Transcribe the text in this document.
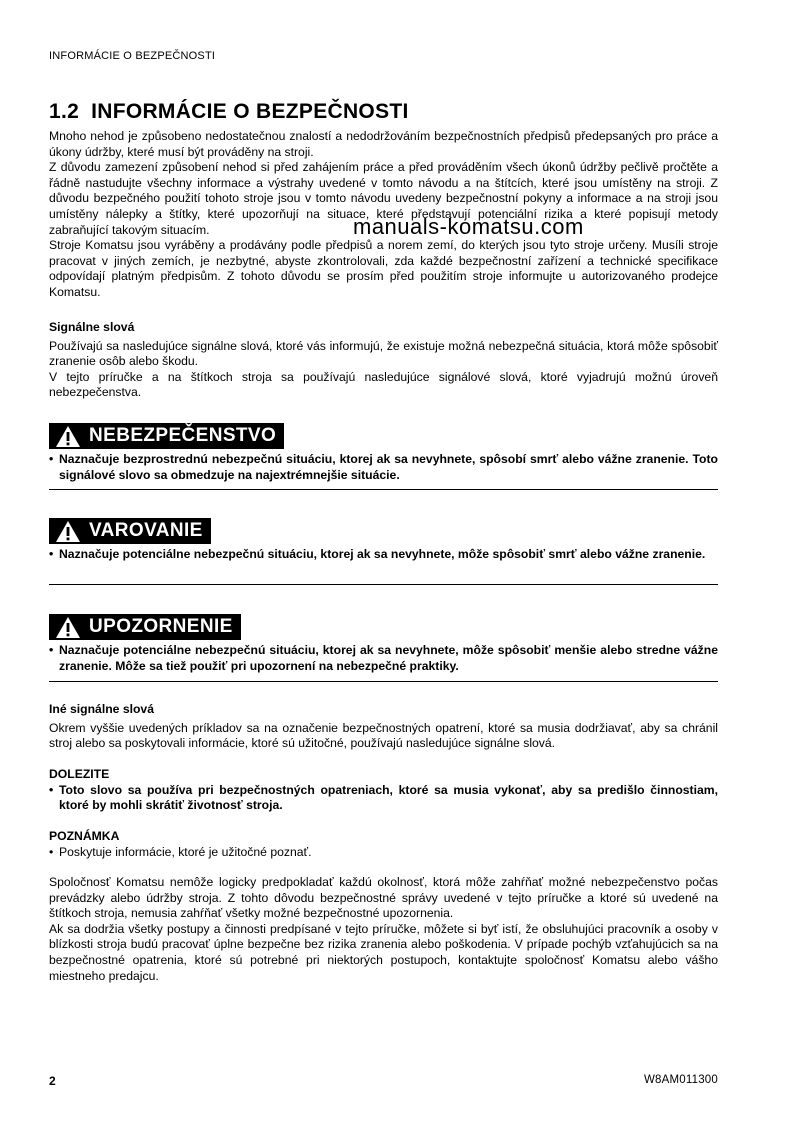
INFORMÁCIE O BEZPEČNOSTI
1.2 INFORMÁCIE O BEZPEČNOSTI

Mnoho nehod je způsobeno nedostatečnou znalostí a nedodržováním bezpečnostních předpisů předepsaných pro práce a úkony údržby, které musí být prováděny na stroji.

Z důvodu zamezení způsobení nehod si před zahájením práce a před prováděním všech úkonů údržby pečlivě pročtěte a řádně nastudujte všechny informace a výstrahy uvedené v tomto návodu a na štítcích, které jsou umístěny na stroji. Z důvodu bezpečného použití tohoto stroje jsou v tomto návodu uvedeny bezpečnostní pokyny a informace a na stroji jsou umístěny nálepky a štítky, které upozorňují na situace, které představují potenciální rizika a které popisují metody zabraňující takovým situacím.

Stroje Komatsu jsou vyráběny a prodávány podle předpisů a norem zemí, do kterých jsou tyto stroje určeny. Musíli stroje pracovat v jiných zemích, je nezbytné, abyste zkontrolovali, zda každé bezpečnostní zařízení a technické specifikace odpovídají platným předpisům. Z tohoto důvodu se prosím před použitím stroje informujte u autorizovaného prodejce Komatsu.

manuals-komatsu.com

Signálne slová

Používajú sa nasledujúce signálne slová, ktoré vás informujú, že existuje možná nebezpečná situácia, ktorá môže spôsobiť zranenie osôb alebo škodu.

V tejto príručke a na štítkoch stroja sa používajú nasledujúce signálové slová, ktoré vyjadrujú možnú úroveň nebezpečenstva.

NEBEZPEČENSTVO
• Naznačuje bezprostrednú nebezpečnú situáciu, ktorej ak sa nevyhnete, spôsobí smrť alebo vážne zranenie. Toto signálové slovo sa obmedzuje na najextrémnejšie situácie.
VAROVANIE
• Naznačuje potenciálne nebezpečnú situáciu, ktorej ak sa nevyhnete, môže spôsobiť smrť alebo vážne zranenie.
UPOZORNENIE
• Naznačuje potenciálne nebezpečnú situáciu, ktorej ak sa nevyhnete, môže spôsobiť menšie alebo stredne vážne zranenie. Môže sa tiež použiť pri upozornení na nebezpečné praktiky.

Iné signálne slová

Okrem vyššie uvedených príkladov sa na označenie bezpečnostných opatrení, ktoré sa musia dodržiavať, aby sa chránil stroj alebo sa poskytovali informácie, ktoré sú užitočné, používajú nasledujúce signálne slová.

DOLEZITE

• Toto slovo sa používa pri bezpečnostných opatreniach, ktoré sa musia vykonať, aby sa predišlo činnostiam, ktoré by mohli skrátiť životnosť stroja.

POZNÁMKA

• Poskytuje informácie, ktoré je užitočné poznať.

Spoločnosť Komatsu nemôže logicky predpokladať každú okolnosť, ktorá môže zahŕňať možné nebezpečenstvo počas prevádzky alebo údržby stroja. Z tohto dôvodu bezpečnostné správy uvedené v tejto príručke a ktoré sú uvedené na štítkoch stroja, nemusia zahŕňať všetky možné bezpečnostné upozornenia.

Ak sa dodržia všetky postupy a činnosti predpísané v tejto príručke, môžete si byť istí, že obsluhujúci pracovník a osoby v blízkosti stroja budú pracovať úplne bezpečne bez rizika zranenia alebo poškodenia. V prípade pochýb vzťahujúcich sa na bezpečnostné opatrenia, ktoré sú potrebné pri niektorých postupoch, kontaktujte spoločnosť Komatsu alebo vášho miestneho predajcu.

2	W8AM011300
